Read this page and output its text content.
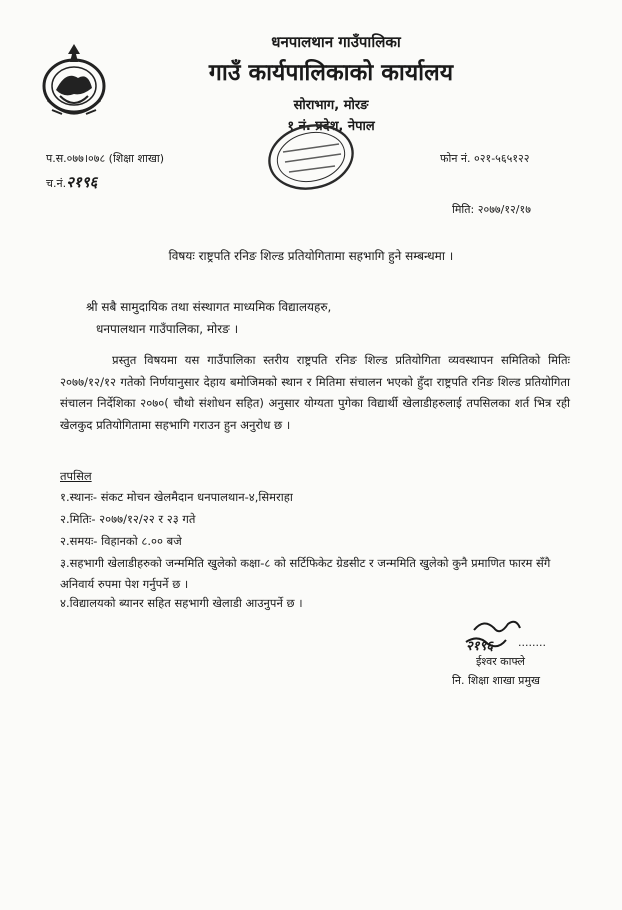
धनपालथान गाउँपालिका
गाउँ कार्यपालिकाको कार्यालय
सोराभाग, मोरङ
१ नं. प्रदेश, नेपाल
प.स.०७७।०७८ (शिक्षा शाखा)
च.नं.२१९६
फोन नं. ०२१-५६५१२२
मिति: २०७७/१२/१७
विषयः राष्ट्रपति रनिङ शिल्ड प्रतियोगितामा सहभागि हुने सम्बन्धमा ।
श्री सबै सामुदायिक तथा संस्थागत माध्यमिक विद्यालयहरु,
धनपालथान गाउँपालिका, मोरङ ।
प्रस्तुत विषयमा यस गाउँपालिका स्तरीय राष्ट्रपति रनिङ शिल्ड प्रतियोगिता व्यवस्थापन समितिको मितिः २०७७/१२/१२ गतेको निर्णयानुसार देहाय बमोजिमको स्थान र मितिमा संचालन भएको हुँदा राष्ट्रपति रनिङ शिल्ड प्रतियोगिता संचालन निर्देशिका २०७०( चौथो संशोधन सहित) अनुसार योग्यता पुगेका विद्यार्थी खेलाडीहरुलाई तपसिलका शर्त भित्र रही खेलकुद प्रतियोगितामा सहभागि गराउन हुन अनुरोध छ ।
तपसिल
१.स्थानः- संकट मोचन खेलमैदान धनपालथान-४,सिमराहा
२.मितिः- २०७७/१२/२२ र २३ गते
२.समयः- विहानको ८.०० बजे
३.सहभागी खेलाडीहरुको जन्ममिति खुलेको कक्षा-८ को सर्टिफिकेट ग्रेडसीट र जन्ममिति खुलेको कुनै प्रमाणित फारम सँगै अनिवार्य रुपमा पेश गर्नुपर्ने छ ।
४.विद्यालयको ब्यानर सहित सहभागी खेलाडी आउनुपर्ने छ ।
२१९६ ........
ईश्वर काफ्ले
नि. शिक्षा शाखा प्रमुख
